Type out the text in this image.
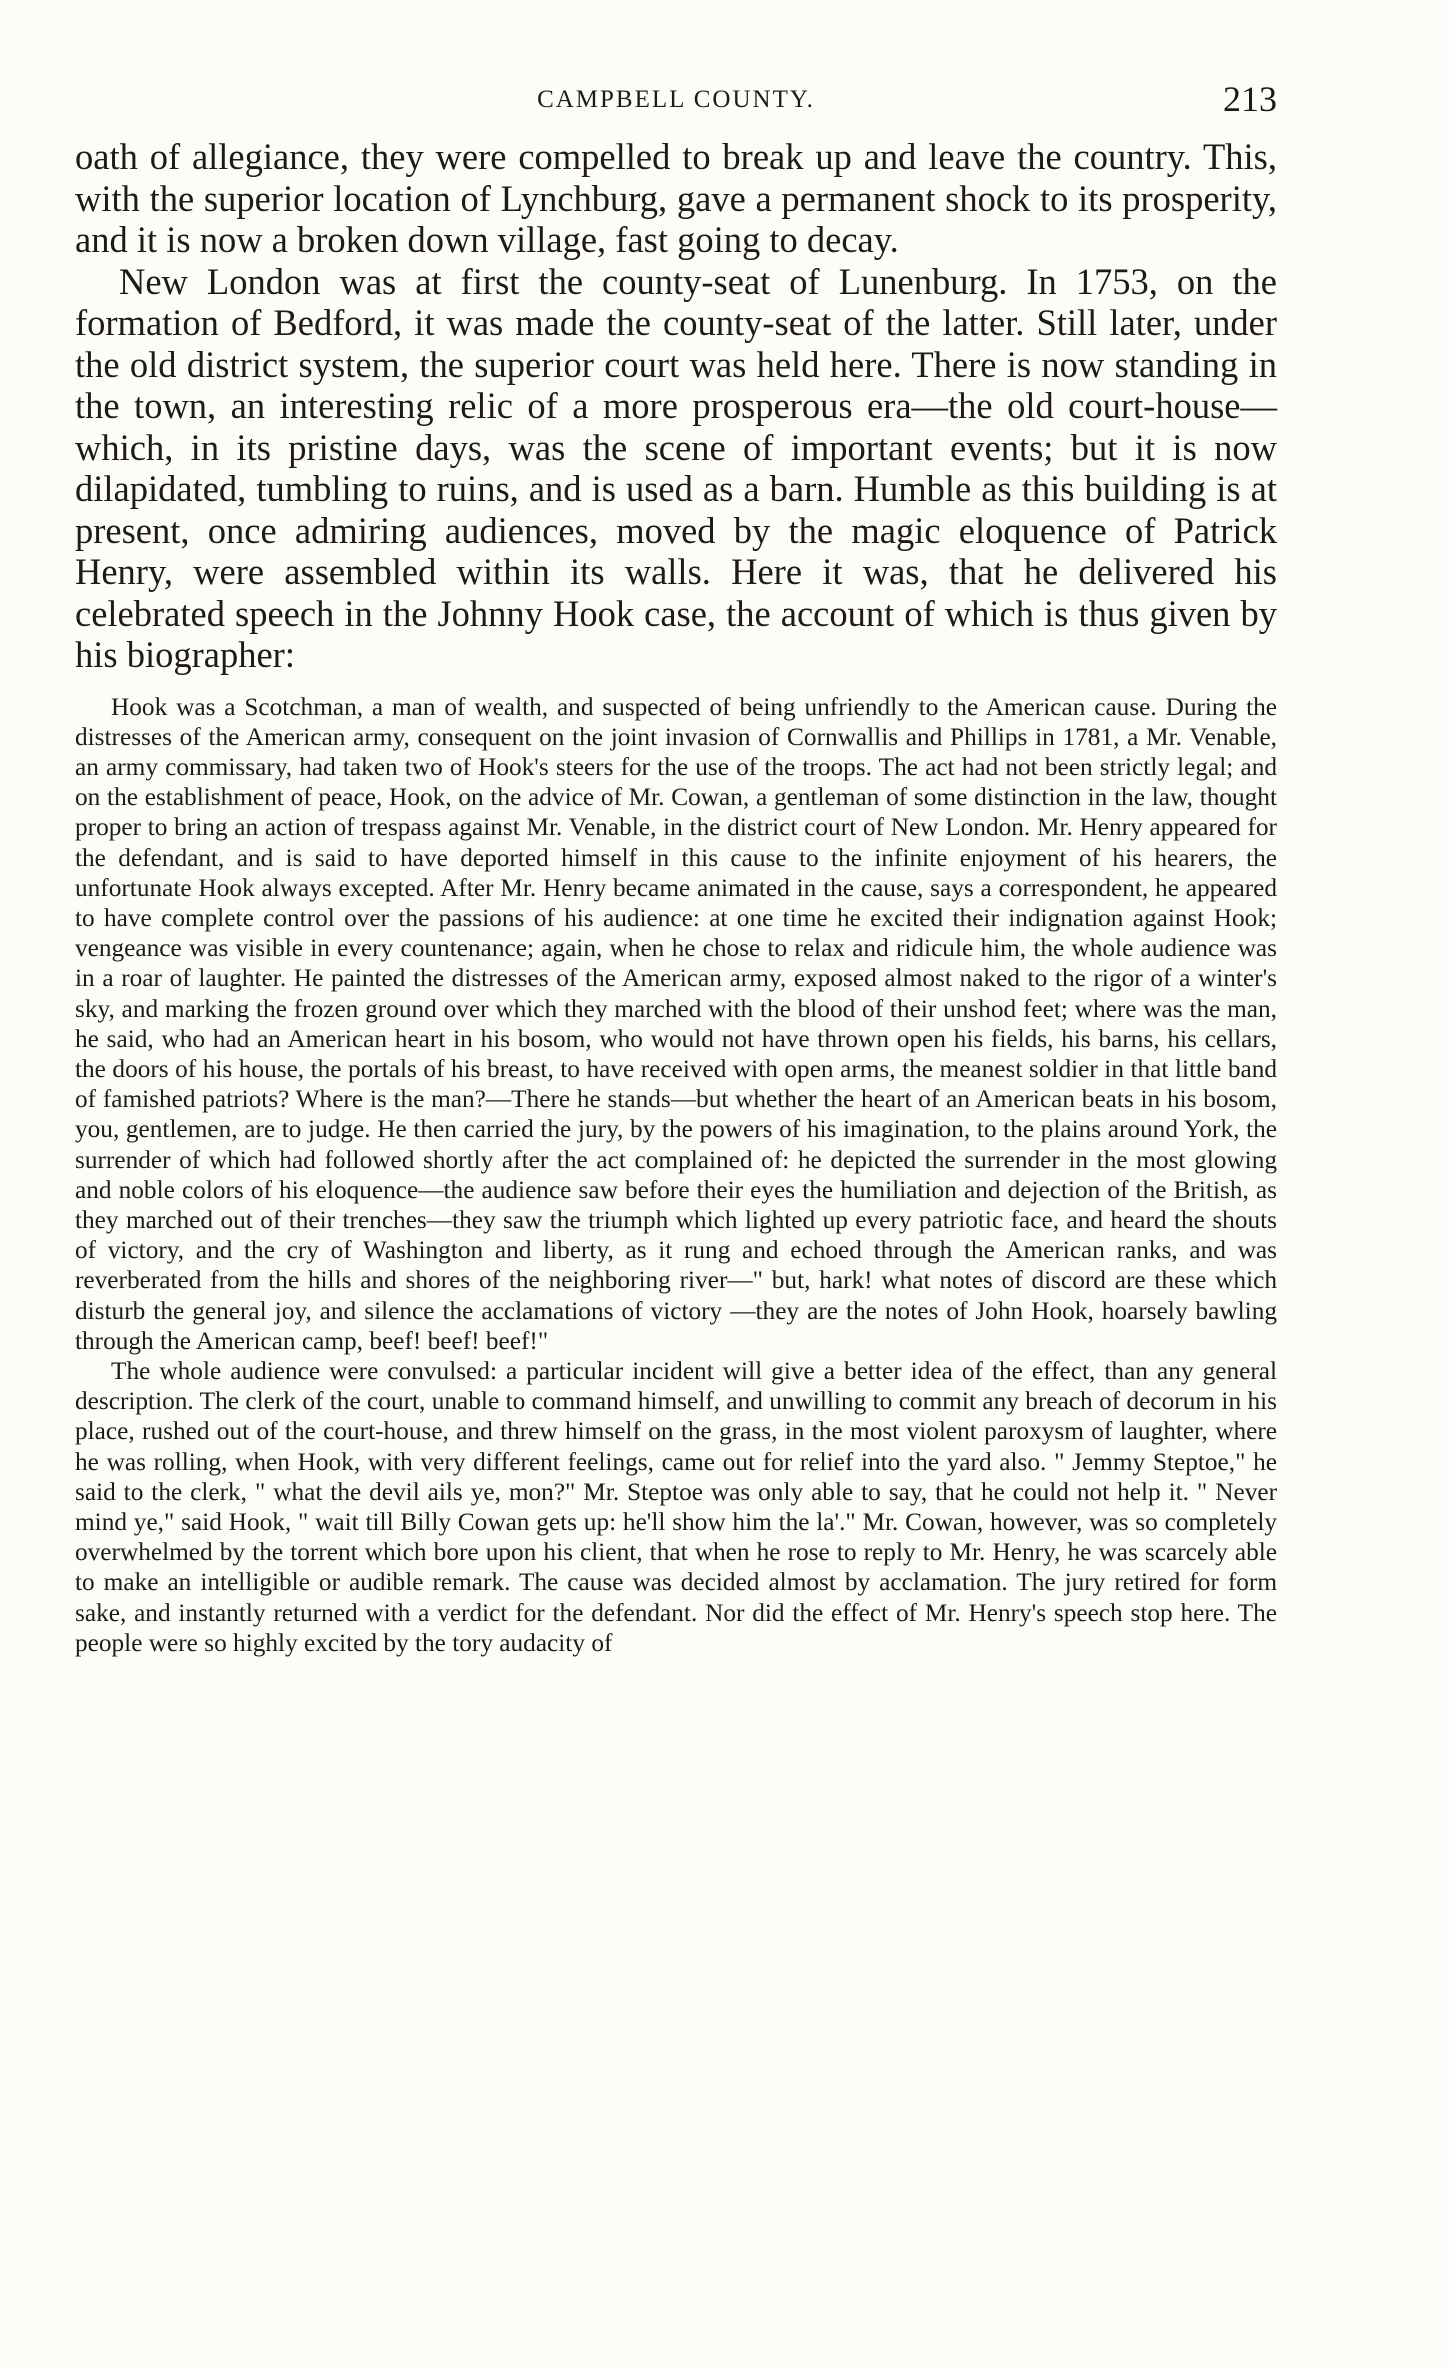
CAMPBELL COUNTY.	213

oath of allegiance, they were compelled to break up and leave the country. This, with the superior location of Lynchburg, gave a permanent shock to its prosperity, and it is now a broken down village, fast going to decay.

New London was at first the county-seat of Lunenburg. In 1753, on the formation of Bedford, it was made the county-seat of the latter. Still later, under the old district system, the superior court was held here. There is now standing in the town, an interesting relic of a more prosperous era—the old court-house—which, in its pristine days, was the scene of important events; but it is now dilapidated, tumbling to ruins, and is used as a barn. Humble as this building is at present, once admiring audiences, moved by the magic eloquence of Patrick Henry, were assembled within its walls. Here it was, that he delivered his celebrated speech in the Johnny Hook case, the account of which is thus given by his biographer:

Hook was a Scotchman, a man of wealth, and suspected of being unfriendly to the American cause. During the distresses of the American army, consequent on the joint invasion of Cornwallis and Phillips in 1781, a Mr. Venable, an army commissary, had taken two of Hook's steers for the use of the troops. The act had not been strictly legal; and on the establishment of peace, Hook, on the advice of Mr. Cowan, a gentleman of some distinction in the law, thought proper to bring an action of trespass against Mr. Venable, in the district court of New London. Mr. Henry appeared for the defendant, and is said to have deported himself in this cause to the infinite enjoyment of his hearers, the unfortunate Hook always excepted. After Mr. Henry became animated in the cause, says a correspondent, he appeared to have complete control over the passions of his audience: at one time he excited their indignation against Hook; vengeance was visible in every countenance; again, when he chose to relax and ridicule him, the whole audience was in a roar of laughter. He painted the distresses of the American army, exposed almost naked to the rigor of a winter's sky, and marking the frozen ground over which they marched with the blood of their unshod feet; where was the man, he said, who had an American heart in his bosom, who would not have thrown open his fields, his barns, his cellars, the doors of his house, the portals of his breast, to have received with open arms, the meanest soldier in that little band of famished patriots? Where is the man?—There he stands—but whether the heart of an American beats in his bosom, you, gentlemen, are to judge. He then carried the jury, by the powers of his imagination, to the plains around York, the surrender of which had followed shortly after the act complained of: he depicted the surrender in the most glowing and noble colors of his eloquence—the audience saw before their eyes the humiliation and dejection of the British, as they marched out of their trenches—they saw the triumph which lighted up every patriotic face, and heard the shouts of victory, and the cry of Washington and liberty, as it rung and echoed through the American ranks, and was reverberated from the hills and shores of the neighboring river—" but, hark! what notes of discord are these which disturb the general joy, and silence the acclamations of victory —they are the notes of John Hook, hoarsely bawling through the American camp, beef! beef! beef!"

The whole audience were convulsed: a particular incident will give a better idea of the effect, than any general description. The clerk of the court, unable to command himself, and unwilling to commit any breach of decorum in his place, rushed out of the court-house, and threw himself on the grass, in the most violent paroxysm of laughter, where he was rolling, when Hook, with very different feelings, came out for relief into the yard also. " Jemmy Steptoe," he said to the clerk, " what the devil ails ye, mon?" Mr. Steptoe was only able to say, that he could not help it. " Never mind ye," said Hook, " wait till Billy Cowan gets up: he'll show him the la'." Mr. Cowan, however, was so completely overwhelmed by the torrent which bore upon his client, that when he rose to reply to Mr. Henry, he was scarcely able to make an intelligible or audible remark. The cause was decided almost by acclamation. The jury retired for form sake, and instantly returned with a verdict for the defendant. Nor did the effect of Mr. Henry's speech stop here. The people were so highly excited by the tory audacity of
